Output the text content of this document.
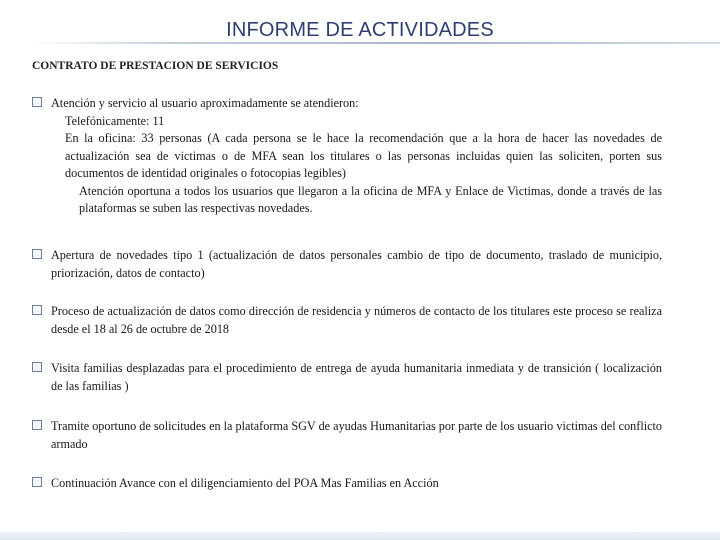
INFORME DE ACTIVIDADES
CONTRATO DE PRESTACION DE SERVICIOS

Atención y servicio al usuario aproximadamente se atendieron:

Telefónicamente: 11

En la oficina: 33 personas (A cada persona se le hace la recomendación que a la hora de hacer las novedades de actualización sea de victimas o de MFA sean los titulares o las personas incluidas quien las soliciten, porten sus documentos de identidad originales o fotocopias legibles)

Atención oportuna a todos los usuarios que llegaron a la oficina de MFA y Enlace de Victimas, donde a través de las plataformas se suben las respectivas novedades.

Apertura de novedades tipo 1 (actualización de datos personales cambio de tipo de documento, traslado de municipio, priorización, datos de contacto)
Proceso de actualización de datos como dirección de residencia y números de contacto de los titulares este proceso se realiza desde el 18 al 26 de octubre de 2018
Visita familias desplazadas para el procedimiento de entrega de ayuda humanitaria inmediata y de transición ( localización de las familias )
Tramite oportuno de solicitudes en la plataforma SGV de ayudas Humanitarias por parte de los usuario victimas del conflicto armado
Continuación Avance con el diligenciamiento del POA Mas Familias en Acción
